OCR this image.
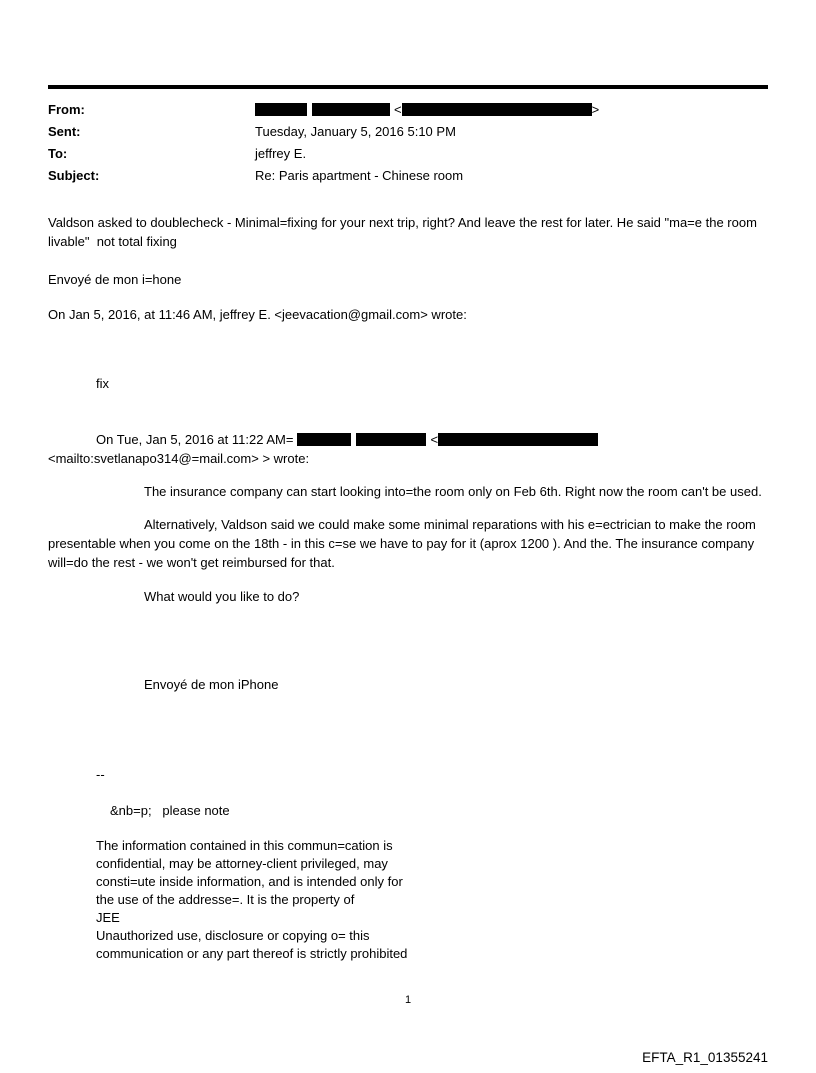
From:	<	>
Sent:	Tuesday, January 5, 2016 5:10 PM
To:	jeffrey E.
Subject:	Re: Paris apartment - Chinese room
Valdson asked to doublecheck - Minimal=fixing for your next trip, right? And leave the rest for later. He said "ma=e the room livable"  not total fixing
Envoyé de mon i=hone
On Jan 5, 2016, at 11:46 AM, jeffrey E. <jeevacation@gmail.com> wrote:
fix
On Tue, Jan 5, 2016 at 11:22 AM=	<
<mailto:svetlanapo314@=mail.com> > wrote:
The insurance company can start looking into=the room only on Feb 6th. Right now the room can't be used.
Alternatively, Valdson said we could make some minimal reparations with his e=ectrician to make the room presentable when you come on the 18th - in this c=se we have to pay for it (aprox 1200 ). And the. The insurance company will=do the rest - we won't get reimbursed for that.
What would you like to do?
Envoyé de mon iPhone
--
&nb=p;   please note
The information contained in this commun=cation is
confidential, may be attorney-client privileged, may
consti=ute inside information, and is intended only for
the use of the addresse=. It is the property of
JEE
Unauthorized use, disclosure or copying o= this
communication or any part thereof is strictly prohibited
1
EFTA_R1_01355241
